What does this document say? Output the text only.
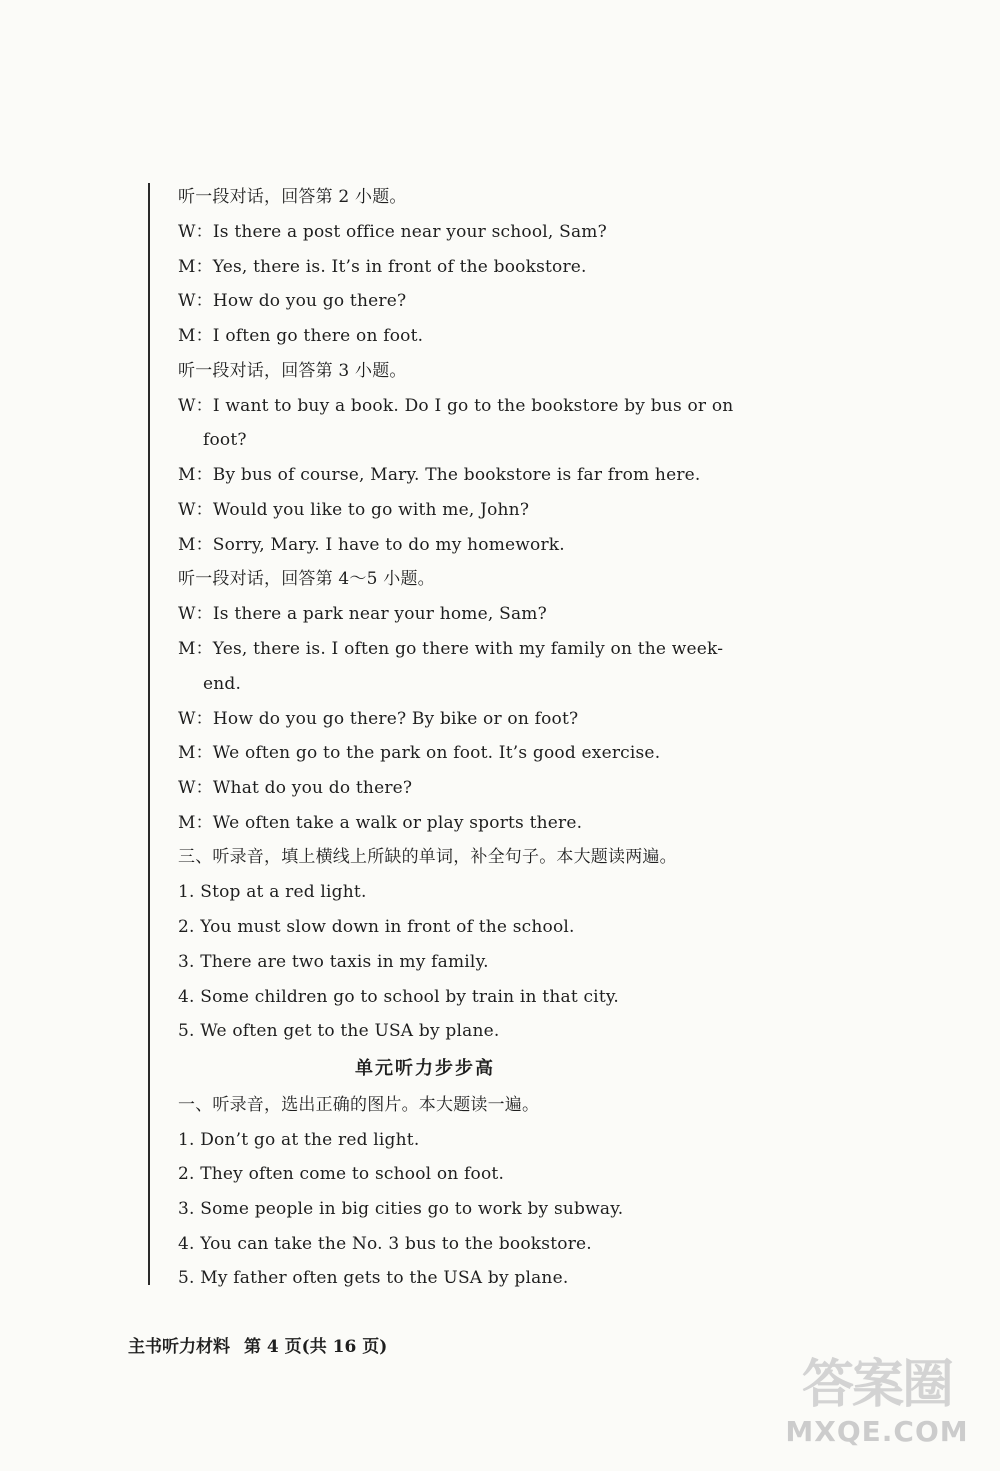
听一段对话，回答第 2 小题。
W：Is there a post office near your school, Sam?
M：Yes, there is. It’s in front of the bookstore.
W：How do you go there?
M：I often go there on foot.
听一段对话，回答第 3 小题。
W：I want to buy a book. Do I go to the bookstore by bus or on
foot?
M：By bus of course, Mary. The bookstore is far from here.
W：Would you like to go with me, John?
M：Sorry, Mary. I have to do my homework.
听一段对话，回答第 4～5 小题。
W：Is there a park near your home, Sam?
M：Yes, there is. I often go there with my family on the week-
end.
W：How do you go there? By bike or on foot?
M：We often go to the park on foot. It’s good exercise.
W：What do you do there?
M：We often take a walk or play sports there.
三、听录音，填上横线上所缺的单词，补全句子。本大题读两遍。
1. Stop at a red light.
2. You must slow down in front of the school.
3. There are two taxis in my family.
4. Some children go to school by train in that city.
5. We often get to the USA by plane.
单元听力步步高
一、听录音，选出正确的图片。本大题读一遍。
1. Don’t go at the red light.
2. They often come to school on foot.
3. Some people in big cities go to work by subway.
4. You can take the No. 3 bus to the bookstore.
5. My father often gets to the USA by plane.
主书听力材料 第 4 页(共 16 页)
答案圈
MXQE.COM
